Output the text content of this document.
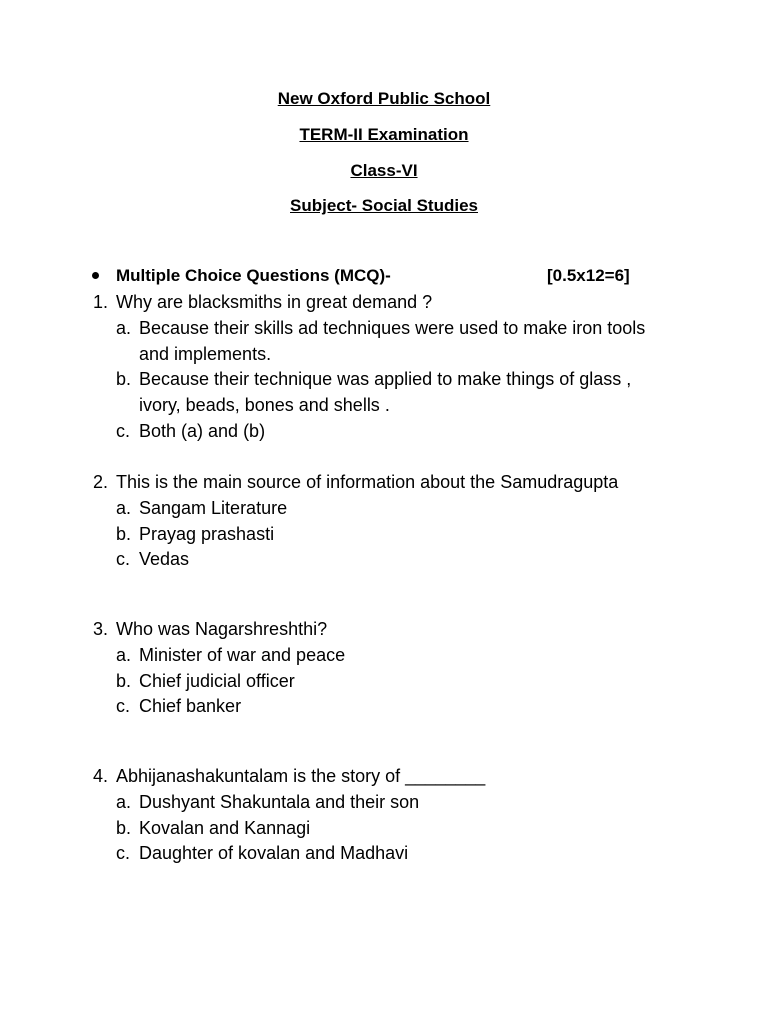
New Oxford Public School
TERM-II Examination
Class-VI
Subject- Social Studies
Multiple Choice Questions (MCQ)-	[0.5x12=6]
1. Why are blacksmiths in great demand ?
a. Because their skills ad techniques were used to make iron tools
and implements.
b. Because their technique was applied to make things of glass ,
ivory, beads, bones and shells .
c. Both (a) and (b)
2. This is the main source of information about the Samudragupta
a. Sangam Literature
b. Prayag prashasti
c. Vedas
3. Who was Nagarshreshthi?
a. Minister of war and peace
b. Chief judicial officer
c. Chief banker
4. Abhijanashakuntalam is the story of ________
a. Dushyant Shakuntala and their son
b. Kovalan and Kannagi
c. Daughter of kovalan and Madhavi
